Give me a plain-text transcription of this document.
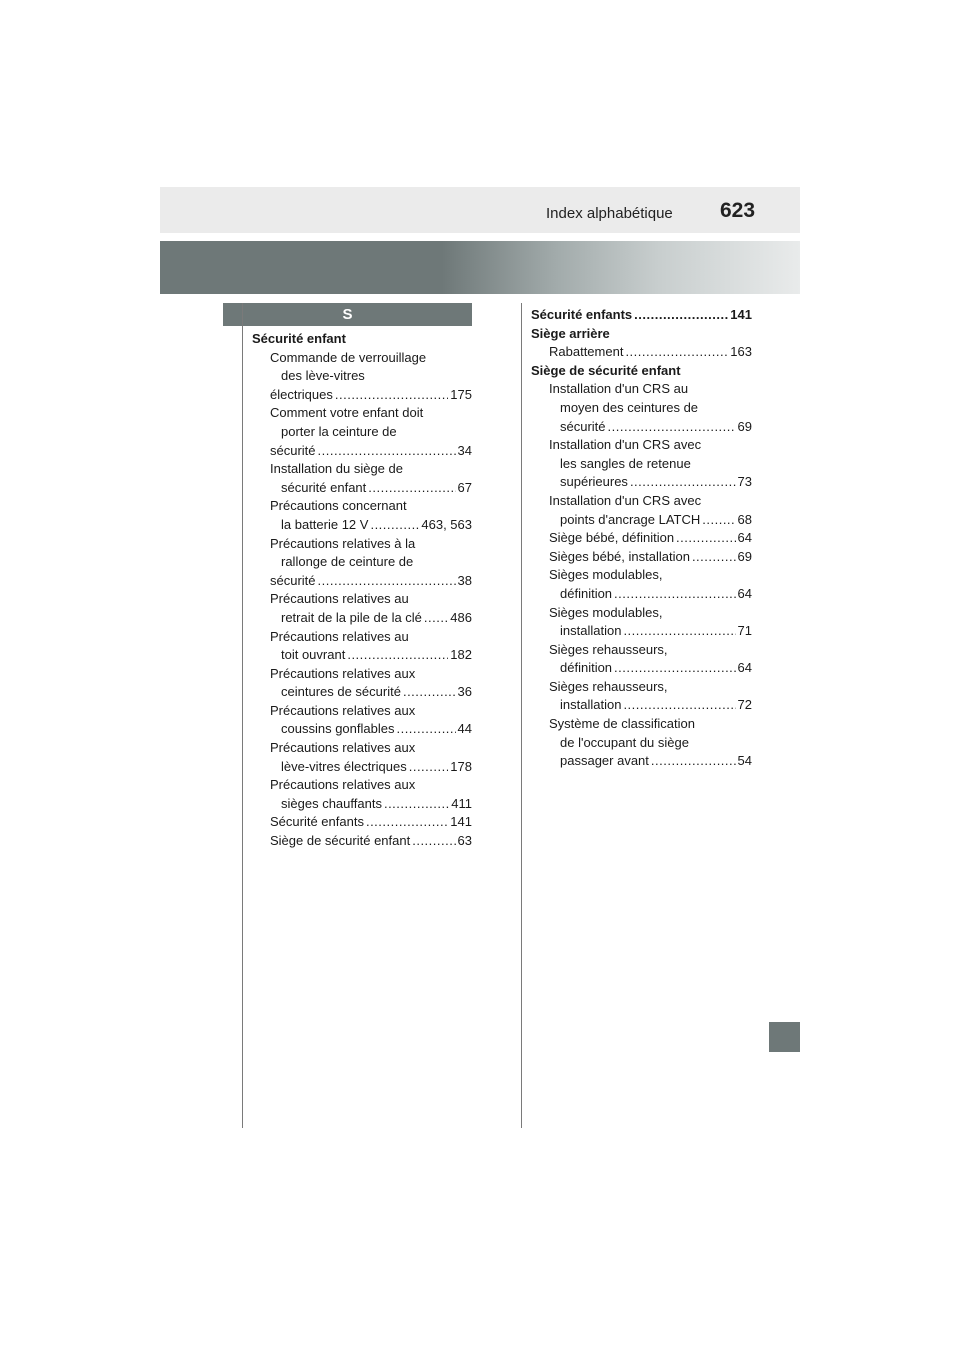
Index alphabétique 623
S
Sécurité enfant
Commande de verrouillage
des lève-vitres
électriques .....	175
Comment votre enfant doit
porter la ceinture de
sécurité .....	34
Installation du siège de
sécurité enfant .....	67
Précautions concernant
la batterie 12 V .....	463, 563
Précautions relatives à la
rallonge de ceinture de
sécurité .....	38
Précautions relatives au
retrait de la pile de la clé ..... 486
Précautions relatives au
toit ouvrant .....	182
Précautions relatives aux
ceintures de sécurité .....	36
Précautions relatives aux
coussins gonflables .....	44
Précautions relatives aux
lève-vitres électriques .....	178
Précautions relatives aux
sièges chauffants .....	411
Sécurité enfants .....	141
Siège de sécurité enfant .....	63
Sécurité enfants .....	141
Siège arrière
Rabattement .....	163
Siège de sécurité enfant
Installation d'un CRS au
moyen des ceintures de
sécurité .....	69
Installation d'un CRS avec
les sangles de retenue
supérieures .....	73
Installation d'un CRS avec
points d'ancrage LATCH .....	68
Siège bébé, définition .....	64
Sièges bébé, installation .....	69
Sièges modulables,
définition .....	64
Sièges modulables,
installation .....	71
Sièges rehausseurs,
définition .....	64
Sièges rehausseurs,
installation .....	72
Système de classification
de l'occupant du siège
passager avant .....	54
